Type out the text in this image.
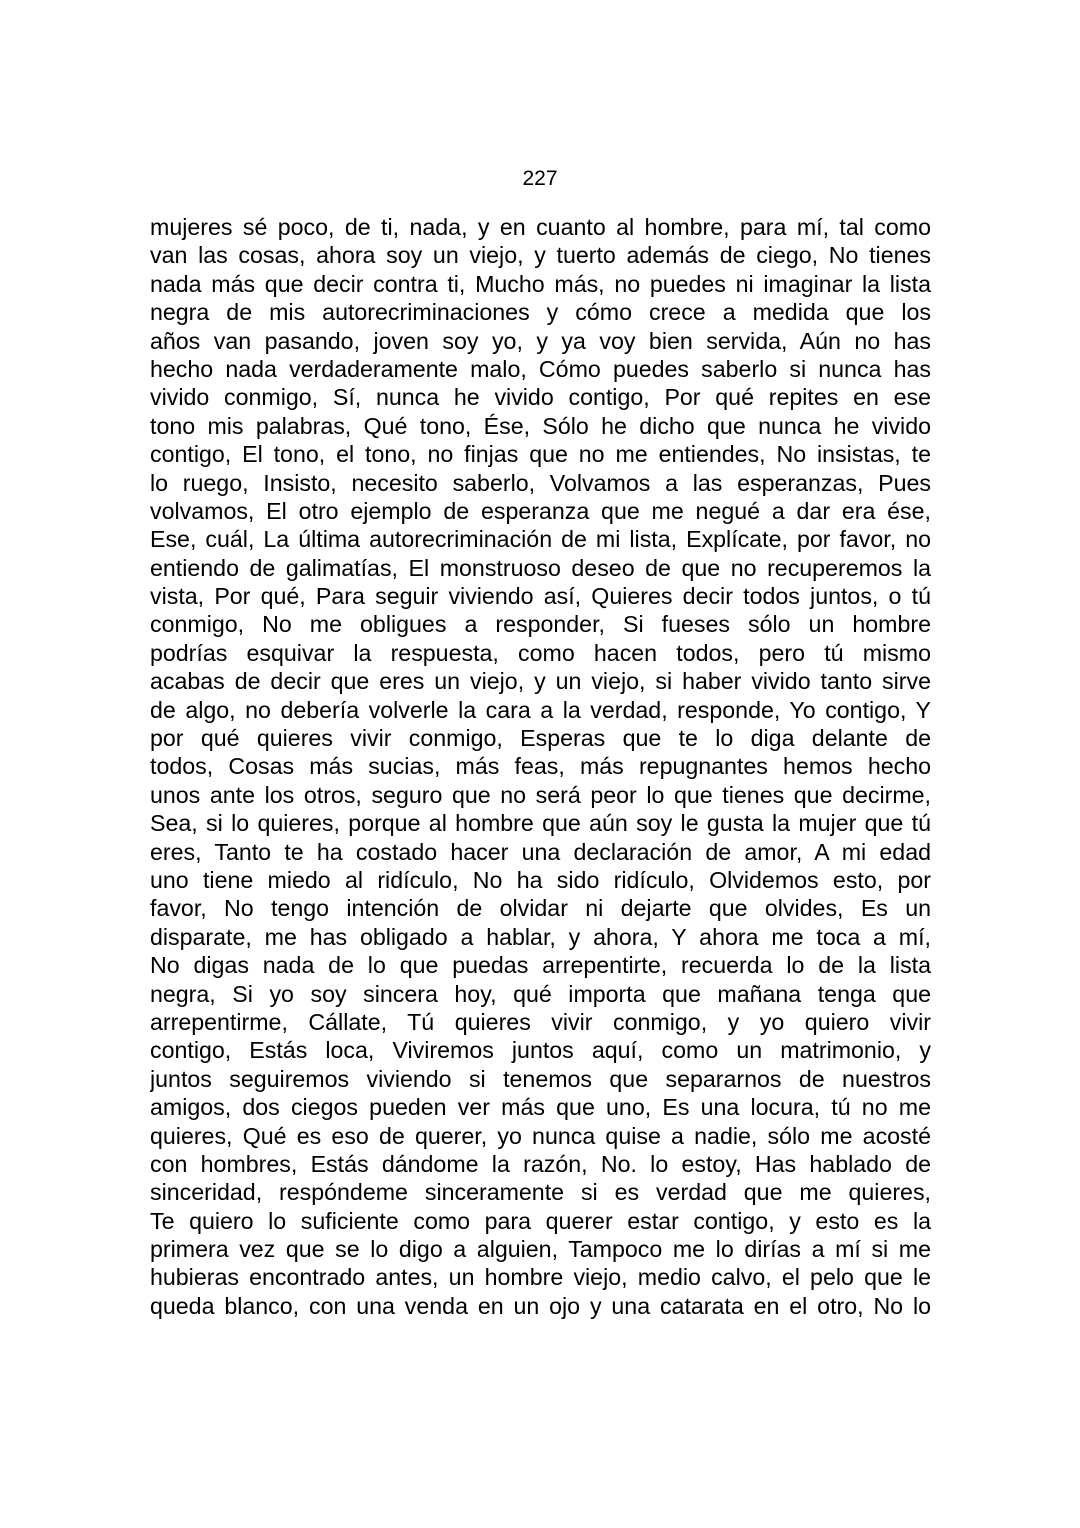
227
mujeres sé poco, de ti, nada, y en cuanto al hombre, para mí, tal como
van las cosas, ahora soy un viejo, y tuerto además de ciego, No tienes
nada más que decir contra ti, Mucho más, no puedes ni imaginar la lista
negra de mis autorecriminaciones y cómo crece a medida que los
años van pasando, joven soy yo, y ya voy bien servida, Aún no has
hecho nada verdaderamente malo, Cómo puedes saberlo si nunca has
vivido conmigo, Sí, nunca he vivido contigo, Por qué repites en ese
tono mis palabras, Qué tono, Ése, Sólo he dicho que nunca he vivido
contigo, El tono, el tono, no finjas que no me entiendes, No insistas, te
lo ruego, Insisto, necesito saberlo, Volvamos a las esperanzas, Pues
volvamos, El otro ejemplo de esperanza que me negué a dar era ése,
Ese, cuál, La última autorecriminación de mi lista, Explícate, por favor, no
entiendo de galimatías, El monstruoso deseo de que no recuperemos la
vista, Por qué, Para seguir viviendo así, Quieres decir todos juntos, o tú
conmigo, No me obligues a responder, Si fueses sólo un hombre
podrías esquivar la respuesta, como hacen todos, pero tú mismo
acabas de decir que eres un viejo, y un viejo, si haber vivido tanto sirve
de algo, no debería volverle la cara a la verdad, responde, Yo contigo, Y
por qué quieres vivir conmigo, Esperas que te lo diga delante de
todos, Cosas más sucias, más feas, más repugnantes hemos hecho
unos ante los otros, seguro que no será peor lo que tienes que decirme,
Sea, si lo quieres, porque al hombre que aún soy le gusta la mujer que tú
eres, Tanto te ha costado hacer una declaración de amor, A mi edad
uno tiene miedo al ridículo, No ha sido ridículo, Olvidemos esto, por
favor, No tengo intención de olvidar ni dejarte que olvides, Es un
disparate, me has obligado a hablar, y ahora, Y ahora me toca a mí,
No digas nada de lo que puedas arrepentirte, recuerda lo de la lista
negra, Si yo soy sincera hoy, qué importa que mañana tenga que
arrepentirme, Cállate, Tú quieres vivir conmigo, y yo quiero vivir
contigo, Estás loca, Viviremos juntos aquí, como un matrimonio, y
juntos seguiremos viviendo si tenemos que separarnos de nuestros
amigos, dos ciegos pueden ver más que uno, Es una locura, tú no me
quieres, Qué es eso de querer, yo nunca quise a nadie, sólo me acosté
con hombres, Estás dándome la razón, No. lo estoy, Has hablado de
sinceridad, respóndeme sinceramente si es verdad que me quieres,
Te quiero lo suficiente como para querer estar contigo, y esto es la
primera vez que se lo digo a alguien, Tampoco me lo dirías a mí si me
hubieras encontrado antes, un hombre viejo, medio calvo, el pelo que le
queda blanco, con una venda en un ojo y una catarata en el otro, No lo
